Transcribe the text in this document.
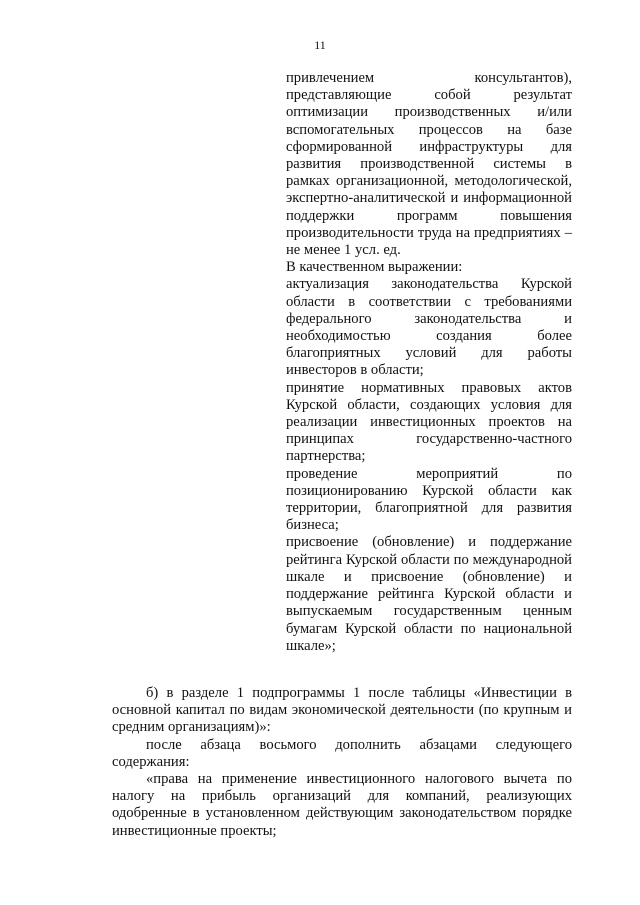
11

привлечением консультантов), представляющие собой результат оптимизации производственных и/или вспомогательных процессов на базе сформированной инфраструктуры для развития производственной системы в рамках организационной, методологической, экспертно-аналитической и информационной поддержки программ повышения производительности труда на предприятиях – не менее 1 усл. ед.

В качественном выражении:

актуализация законодательства Курской области в соответствии с требованиями федерального законодательства и необходимостью создания более благоприятных условий для работы инвесторов в области;

принятие нормативных правовых актов Курской области, создающих условия для реализации инвестиционных проектов на принципах государственно-частного партнерства;

проведение мероприятий по позиционированию Курской области как территории, благоприятной для развития бизнеса;

присвоение (обновление) и поддержание рейтинга Курской области по международной шкале и присвоение (обновление) и поддержание рейтинга Курской области и выпускаемым государственным ценным бумагам Курской области по национальной шкале»;

б) в разделе 1 подпрограммы 1 после таблицы «Инвестиции в основной капитал по видам экономической деятельности (по крупным и средним организациям)»:

после абзаца восьмого дополнить абзацами следующего содержания:

«права на применение инвестиционного налогового вычета по налогу на прибыль организаций для компаний, реализующих одобренные в установленном действующим законодательством порядке инвестиционные проекты;
